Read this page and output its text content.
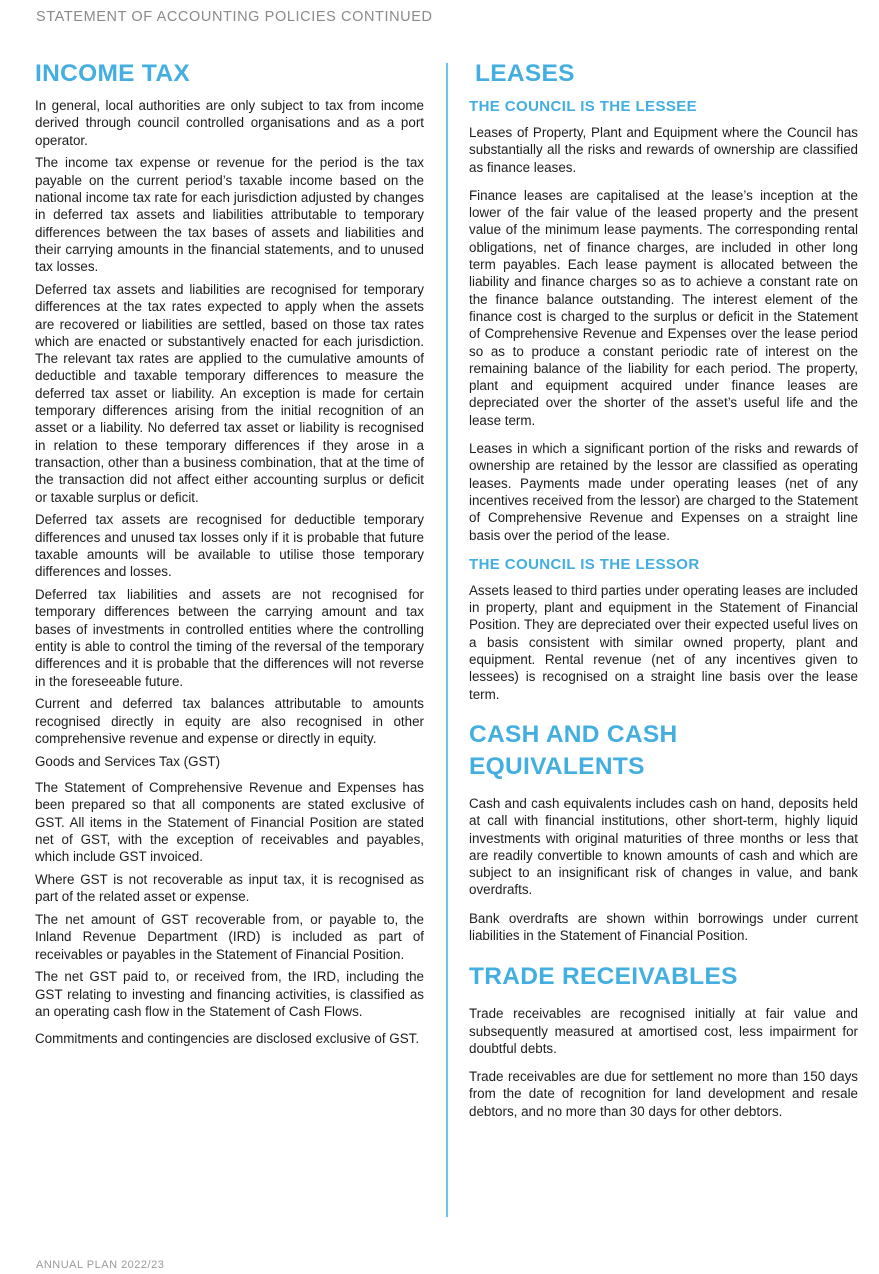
STATEMENT OF ACCOUNTING POLICIES CONTINUED
INCOME TAX

In general, local authorities are only subject to tax from income derived through council controlled organisations and as a port operator.

The income tax expense or revenue for the period is the tax payable on the current period’s taxable income based on the national income tax rate for each jurisdiction adjusted by changes in deferred tax assets and liabilities attributable to temporary differences between the tax bases of assets and liabilities and their carrying amounts in the financial statements, and to unused tax losses.

Deferred tax assets and liabilities are recognised for temporary differences at the tax rates expected to apply when the assets are recovered or liabilities are settled, based on those tax rates which are enacted or substantively enacted for each jurisdiction. The relevant tax rates are applied to the cumulative amounts of deductible and taxable temporary differences to measure the deferred tax asset or liability. An exception is made for certain temporary differences arising from the initial recognition of an asset or a liability. No deferred tax asset or liability is recognised in relation to these temporary differences if they arose in a transaction, other than a business combination, that at the time of the transaction did not affect either accounting surplus or deficit or taxable surplus or deficit.

Deferred tax assets are recognised for deductible temporary differences and unused tax losses only if it is probable that future taxable amounts will be available to utilise those temporary differences and losses.

Deferred tax liabilities and assets are not recognised for temporary differences between the carrying amount and tax bases of investments in controlled entities where the controlling entity is able to control the timing of the reversal of the temporary differences and it is probable that the differences will not reverse in the foreseeable future.

Current and deferred tax balances attributable to amounts recognised directly in equity are also recognised in other comprehensive revenue and expense or directly in equity.

Goods and Services Tax (GST)

The Statement of Comprehensive Revenue and Expenses has been prepared so that all components are stated exclusive of GST. All items in the Statement of Financial Position are stated net of GST, with the exception of receivables and payables, which include GST invoiced.

Where GST is not recoverable as input tax, it is recognised as part of the related asset or expense.

The net amount of GST recoverable from, or payable to, the Inland Revenue Department (IRD) is included as part of receivables or payables in the Statement of Financial Position.

The net GST paid to, or received from, the IRD, including the GST relating to investing and financing activities, is classified as an operating cash flow in the Statement of Cash Flows.

Commitments and contingencies are disclosed exclusive of GST.

LEASES
THE COUNCIL IS THE LESSEE

Leases of Property, Plant and Equipment where the Council has substantially all the risks and rewards of ownership are classified as finance leases.

Finance leases are capitalised at the lease’s inception at the lower of the fair value of the leased property and the present value of the minimum lease payments. The corresponding rental obligations, net of finance charges, are included in other long term payables. Each lease payment is allocated between the liability and finance charges so as to achieve a constant rate on the finance balance outstanding. The interest element of the finance cost is charged to the surplus or deficit in the Statement of Comprehensive Revenue and Expenses over the lease period so as to produce a constant periodic rate of interest on the remaining balance of the liability for each period. The property, plant and equipment acquired under finance leases are depreciated over the shorter of the asset’s useful life and the lease term.

Leases in which a significant portion of the risks and rewards of ownership are retained by the lessor are classified as operating leases. Payments made under operating leases (net of any incentives received from the lessor) are charged to the Statement of Comprehensive Revenue and Expenses on a straight line basis over the period of the lease.

THE COUNCIL IS THE LESSOR

Assets leased to third parties under operating leases are included in property, plant and equipment in the Statement of Financial Position. They are depreciated over their expected useful lives on a basis consistent with similar owned property, plant and equipment. Rental revenue (net of any incentives given to lessees) is recognised on a straight line basis over the lease term.

CASH AND CASH EQUIVALENTS

Cash and cash equivalents includes cash on hand, deposits held at call with financial institutions, other short-term, highly liquid investments with original maturities of three months or less that are readily convertible to known amounts of cash and which are subject to an insignificant risk of changes in value, and bank overdrafts.

Bank overdrafts are shown within borrowings under current liabilities in the Statement of Financial Position.

TRADE RECEIVABLES

Trade receivables are recognised initially at fair value and subsequently measured at amortised cost, less impairment for doubtful debts.

Trade receivables are due for settlement no more than 150 days from the date of recognition for land development and resale debtors, and no more than 30 days for other debtors.

ANNUAL PLAN 2022/23
